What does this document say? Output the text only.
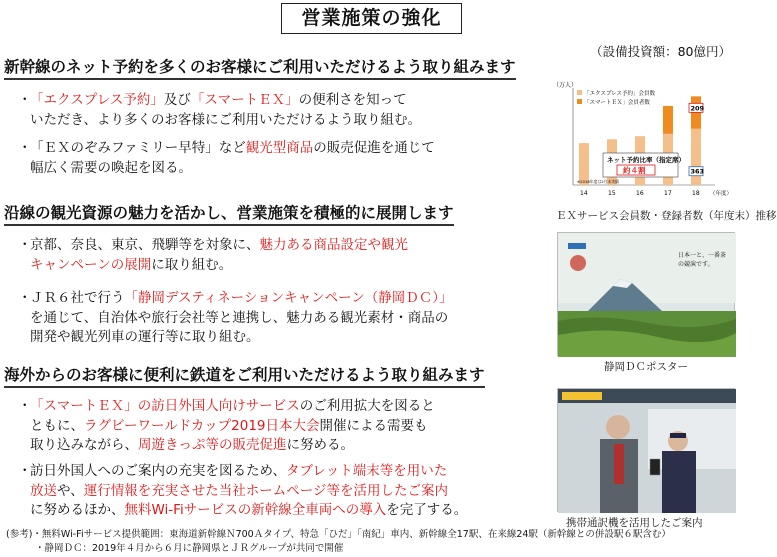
営業施策の強化
（設備投資額：80億円）
新幹線のネット予約を多くのお客様にご利用いただけるよう取り組みます
・
「エクスプレス予約」及び「スマートＥＸ」の便利さを知って
いただき、より多くのお客様にご利用いただけるよう取り組む。
・
「ＥＸのぞみファミリー早特」など観光型商品の販売促進を通じて
幅広く需要の喚起を図る。
沿線の観光資源の魅力を活かし、営業施策を積極的に展開します
・
京都、奈良、東京、飛騨等を対象に、魅力ある商品設定や観光
キャンペーンの展開に取り組む。
・
ＪＲ６社で行う「静岡デスティネーションキャンペーン（静岡ＤＣ）」
を通じて、自治体や旅行会社等と連携し、魅力ある観光素材・商品の
開発や観光列車の運行等に取り組む。
海外からのお客様に便利に鉄道をご利用いただけるよう取り組みます
・
「スマートＥＸ」の訪日外国人向けサービスのご利用拡大を図ると
ともに、ラグビーワールドカップ2019日本大会開催による需要も
取り込みながら、周遊きっぷ等の販売促進に努める。
・
訪日外国人へのご案内の充実を図るため、タブレット端末等を用いた
放送や、運行情報を充実させた当社ホームページ等を活用したご案内
に努めるほか、無料Wi-Fiサービスの新幹線全車両への導入を完了する。
(参考)・無料Wi-Fiサービス提供範囲：東海道新幹線Ｎ700Ａタイプ、特急「ひだ」「南紀」車内、新幹線全17駅、在来線24駅（新幹線との併設駅６駅含む）
・静岡ＤＣ：2019年４月から６月に静岡県とＪＲグループが共同で開催
（万人）
「エクスプレス予約」会員数
「スマートＥＸ」会員者数
209
363
14	15	16	17	18 （年度）
ネット予約比率（指定席）
約４割
※2018年度は2月末実績
ＥＸサービス会員数・登録者数（年度末）推移
日本一と、一番茶の競演です。
静岡ＤＣポスター
携帯通訳機を活用したご案内
